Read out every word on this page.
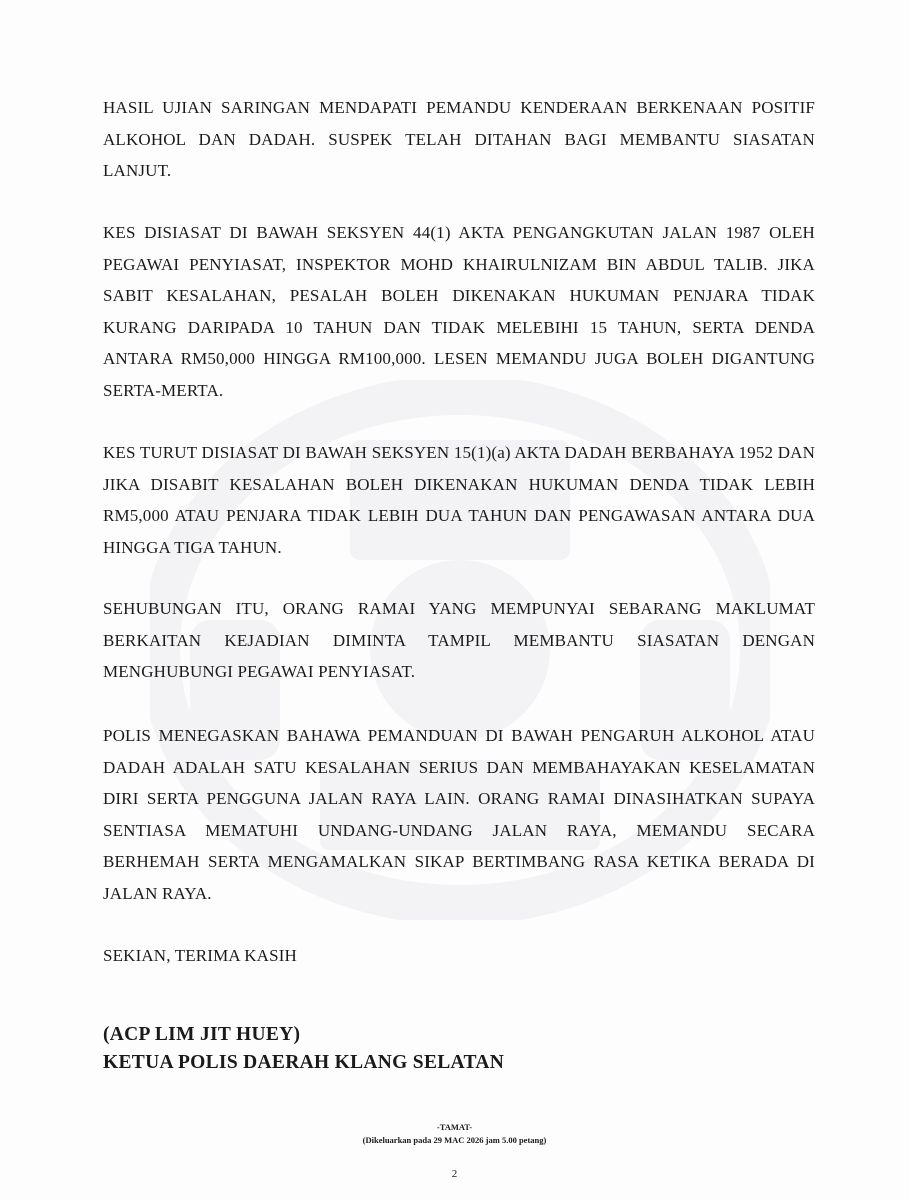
HASIL UJIAN SARINGAN MENDAPATI PEMANDU KENDERAAN BERKENAAN POSITIF ALKOHOL DAN DADAH. SUSPEK TELAH DITAHAN BAGI MEMBANTU SIASATAN LANJUT.

KES DISIASAT DI BAWAH SEKSYEN 44(1) AKTA PENGANGKUTAN JALAN 1987 OLEH PEGAWAI PENYIASAT, INSPEKTOR MOHD KHAIRULNIZAM BIN ABDUL TALIB. JIKA SABIT KESALAHAN, PESALAH BOLEH DIKENAKAN HUKUMAN PENJARA TIDAK KURANG DARIPADA 10 TAHUN DAN TIDAK MELEBIHI 15 TAHUN, SERTA DENDA ANTARA RM50,000 HINGGA RM100,000. LESEN MEMANDU JUGA BOLEH DIGANTUNG SERTA-MERTA.

KES TURUT DISIASAT DI BAWAH SEKSYEN 15(1)(a) AKTA DADAH BERBAHAYA 1952 DAN JIKA DISABIT KESALAHAN BOLEH DIKENAKAN HUKUMAN DENDA TIDAK LEBIH RM5,000 ATAU PENJARA TIDAK LEBIH DUA TAHUN DAN PENGAWASAN ANTARA DUA HINGGA TIGA TAHUN.

SEHUBUNGAN ITU, ORANG RAMAI YANG MEMPUNYAI SEBARANG MAKLUMAT BERKAITAN KEJADIAN DIMINTA TAMPIL MEMBANTU SIASATAN DENGAN MENGHUBUNGI PEGAWAI PENYIASAT.

POLIS MENEGASKAN BAHAWA PEMANDUAN DI BAWAH PENGARUH ALKOHOL ATAU DADAH ADALAH SATU KESALAHAN SERIUS DAN MEMBAHAYAKAN KESELAMATAN DIRI SERTA PENGGUNA JALAN RAYA LAIN. ORANG RAMAI DINASIHATKAN SUPAYA SENTIASA MEMATUHI UNDANG-UNDANG JALAN RAYA, MEMANDU SECARA BERHEMAH SERTA MENGAMALKAN SIKAP BERTIMBANG RASA KETIKA BERADA DI JALAN RAYA.

SEKIAN, TERIMA KASIH

(ACP LIM JIT HUEY)

KETUA POLIS DAERAH KLANG SELATAN

-TAMAT-

(Dikeluarkan pada 29 MAC 2026 jam 5.00 petang)

2
